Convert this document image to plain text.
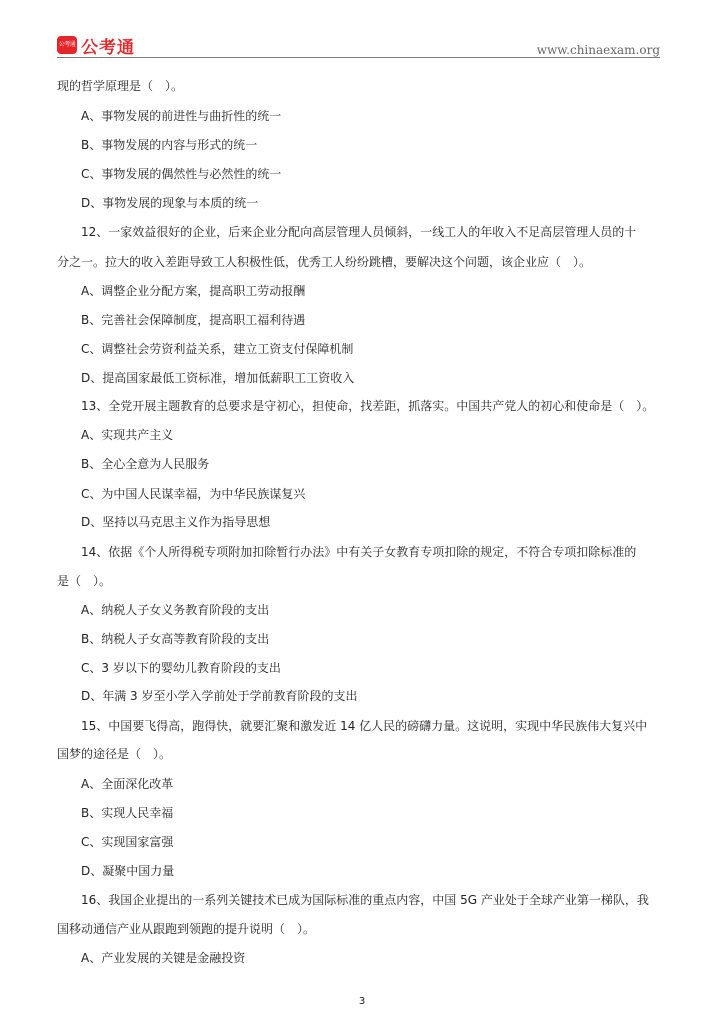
公考通 公考通	www.chinaexam.org
现的哲学原理是（　）。
A、事物发展的前进性与曲折性的统一
B、事物发展的内容与形式的统一
C、事物发展的偶然性与必然性的统一
D、事物发展的现象与本质的统一
12、一家效益很好的企业，后来企业分配向高层管理人员倾斜，一线工人的年收入不足高层管理人员的十
分之一。拉大的收入差距导致工人积极性低，优秀工人纷纷跳槽，要解决这个问题，该企业应（　）。
A、调整企业分配方案，提高职工劳动报酬
B、完善社会保障制度，提高职工福利待遇
C、调整社会劳资利益关系，建立工资支付保障机制
D、提高国家最低工资标准，增加低薪职工工资收入
13、全党开展主题教育的总要求是守初心，担使命，找差距，抓落实。中国共产党人的初心和使命是（　）。
A、实现共产主义
B、全心全意为人民服务
C、为中国人民谋幸福，为中华民族谋复兴
D、坚持以马克思主义作为指导思想
14、依据《个人所得税专项附加扣除暂行办法》中有关子女教育专项扣除的规定，不符合专项扣除标准的
是（　）。
A、纳税人子女义务教育阶段的支出
B、纳税人子女高等教育阶段的支出
C、3 岁以下的婴幼儿教育阶段的支出
D、年满 3 岁至小学入学前处于学前教育阶段的支出
15、中国要飞得高，跑得快，就要汇聚和激发近 14 亿人民的磅礴力量。这说明，实现中华民族伟大复兴中
国梦的途径是（　）。
A、全面深化改革
B、实现人民幸福
C、实现国家富强
D、凝聚中国力量
16、我国企业提出的一系列关键技术已成为国际标准的重点内容，中国 5G 产业处于全球产业第一梯队，我
国移动通信产业从跟跑到领跑的提升说明（　）。
A、产业发展的关键是金融投资
3
